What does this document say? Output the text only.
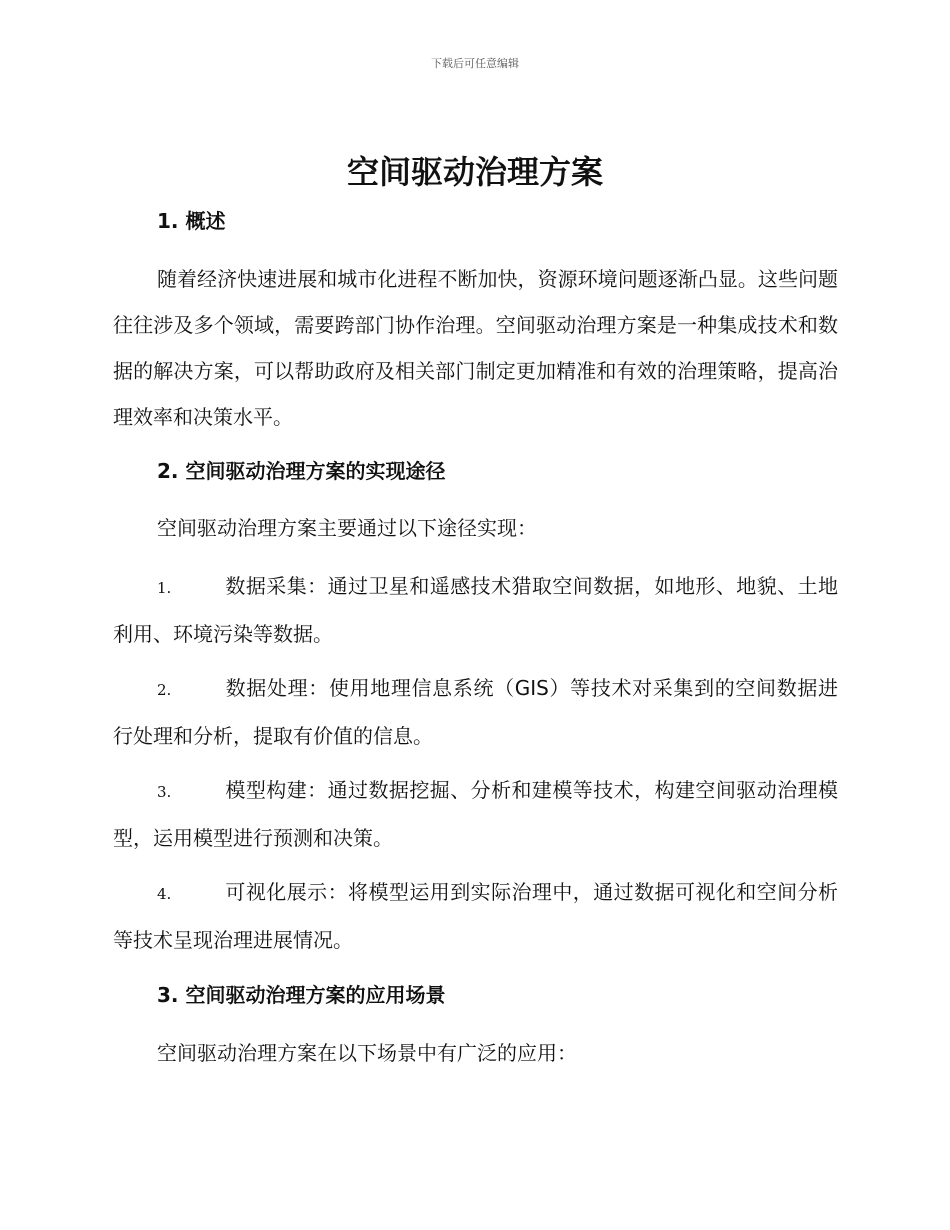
下载后可任意编辑
空间驱动治理方案
1. 概述

随着经济快速进展和城市化进程不断加快，资源环境问题逐渐凸显。这些问题往往涉及多个领域，需要跨部门协作治理。空间驱动治理方案是一种集成技术和数据的解决方案，可以帮助政府及相关部门制定更加精准和有效的治理策略，提高治理效率和决策水平。

2. 空间驱动治理方案的实现途径

空间驱动治理方案主要通过以下途径实现：

1.	数据采集：通过卫星和遥感技术猎取空间数据，如地形、地貌、土地利用、环境污染等数据。

2.	数据处理：使用地理信息系统（GIS）等技术对采集到的空间数据进行处理和分析，提取有价值的信息。

3.	模型构建：通过数据挖掘、分析和建模等技术，构建空间驱动治理模型，运用模型进行预测和决策。

4.	可视化展示：将模型运用到实际治理中，通过数据可视化和空间分析等技术呈现治理进展情况。

3. 空间驱动治理方案的应用场景

空间驱动治理方案在以下场景中有广泛的应用：
